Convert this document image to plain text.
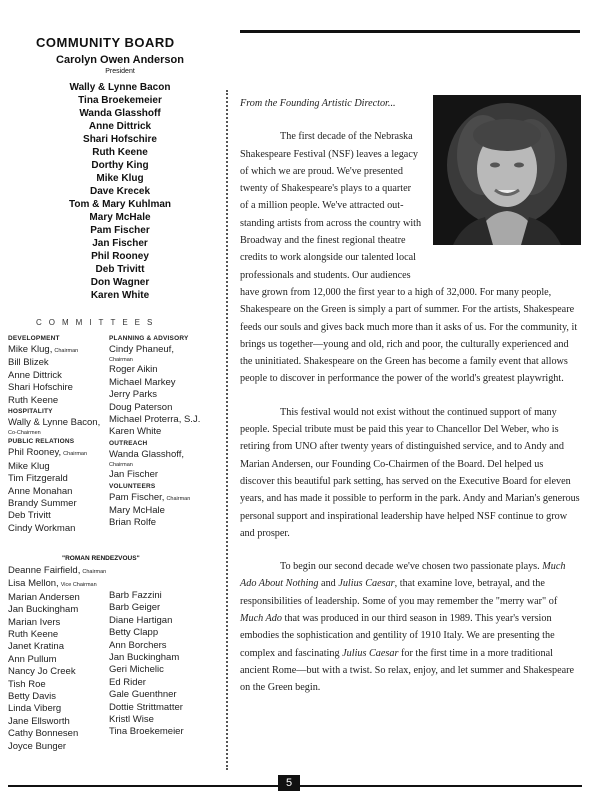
COMMUNITY BOARD
Carolyn Owen Anderson
President
Wally & Lynne Bacon
Tina Broekemeier
Wanda Glasshoff
Anne Dittrick
Shari Hofschire
Ruth Keene
Dorthy King
Mike Klug
Dave Krecek
Tom & Mary Kuhlman
Mary McHale
Pam Fischer
Jan Fischer
Phil Rooney
Deb Trivitt
Don Wagner
Karen White
COMMITTEES
DEVELOPMENT
Mike Klug, Chairman
Bill Blizek
Anne Dittrick
Shari Hofschire
Ruth Keene
HOSPITALITY
Wally & Lynne Bacon,
Co-Chairmen
PUBLIC RELATIONS
Phil Rooney, Chairman
Mike Klug
Tim Fitzgerald
Anne Monahan
Brandy Summer
Deb Trivitt
Cindy Workman
PLANNING & ADVISORY
Cindy Phaneuf,
Chairman
Roger Aikin
Michael Markey
Jerry Parks
Doug Paterson
Michael Proterra, S.J.
Karen White
OUTREACH
Wanda Glasshoff,
Chairman
Jan Fischer
VOLUNTEERS
Pam Fischer, Chairman
Mary McHale
Brian Rolfe
"ROMAN RENDEZVOUS"
Deanne Fairfield, Chairman
Lisa Mellon, Vice Chairman
Marian Andersen
Jan Buckingham
Marian Ivers
Ruth Keene
Janet Kratina
Ann Pullum
Nancy Jo Creek
Tish Roe
Betty Davis
Linda Viberg
Jane Ellsworth
Cathy Bonnesen
Joyce Bunger
Barb Fazzini
Barb Geiger
Diane Hartigan
Betty Clapp
Ann Borchers
Jan Buckingham
Geri Michelic
Ed Rider
Gale Guenthner
Dottie Strittmatter
Kristl Wise
Tina Broekemeier

From the Founding Artistic Director...

The first decade of the Nebraska
Shakespeare Festival (NSF) leaves a legacy
of which we are proud. We've presented
twenty of Shakespeare's plays to a quarter
of a million people. We've attracted out-
standing artists from across the country with
Broadway and the finest regional theatre
credits to work alongside our talented local
professionals and students. Our audiences

have grown from 12,000 the first year to a high of 32,000. For many people, Shakespeare on the Green is simply a part of summer. For the artists, Shakespeare feeds our souls and gives back much more than it asks of us. For the community, it brings us together—young and old, rich and poor, the culturally experienced and the uninitiated. Shakespeare on the Green has become a family event that allows people to discover in performance the power of the world's greatest playwright.

This festival would not exist without the continued support of many people. Special tribute must be paid this year to Chancellor Del Weber, who is retiring from UNO after twenty years of distinguished service, and to Andy and Marian Andersen, our Founding Co-Chairmen of the Board. Del helped us discover this beautiful park setting, has served on the Executive Board for eleven years, and has made it possible to perform in the park. Andy and Marian's generous personal support and inspirational leadership have helped NSF continue to grow and prosper.

To begin our second decade we've chosen two passionate plays. Much Ado About Nothing and Julius Caesar, that examine love, betrayal, and the responsibilities of leadership. Some of you may remember the "merry war" of Much Ado that was produced in our third season in 1989. This year's version embodies the sophistication and gentility of 1910 Italy. We are presenting the complex and fascinating Julius Caesar for the first time in a more traditional ancient Rome—but with a twist. So relax, enjoy, and let summer and Shakespeare on the Green begin.

5
